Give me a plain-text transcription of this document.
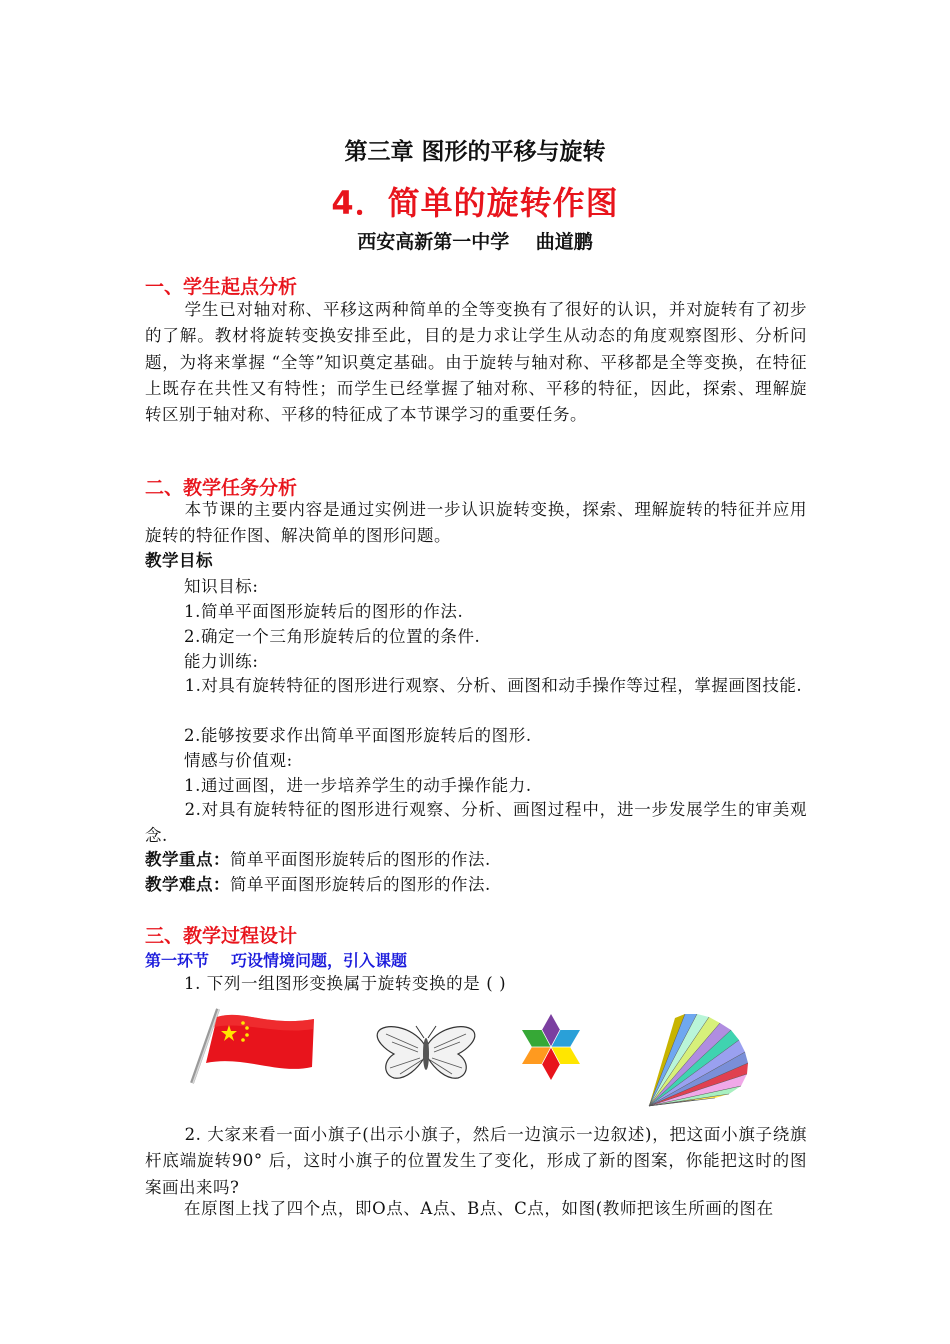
第三章 图形的平移与旋转
4．简单的旋转作图
西安高新第一中学 曲道鹏
一、学生起点分析
学生已对轴对称、平移这两种简单的全等变换有了很好的认识，并对旋转有了初步的了解。教材将旋转变换安排至此，目的是力求让学生从动态的角度观察图形、分析问题，为将来掌握 “全等”知识奠定基础。由于旋转与轴对称、平移都是全等变换，在特征上既存在共性又有特性；而学生已经掌握了轴对称、平移的特征，因此，探索、理解旋转区别于轴对称、平移的特征成了本节课学习的重要任务。
二、教学任务分析
本节课的主要内容是通过实例进一步认识旋转变换，探索、理解旋转的特征并应用旋转的特征作图、解决简单的图形问题。
教学目标
知识目标:
1.简单平面图形旋转后的图形的作法.
2.确定一个三角形旋转后的位置的条件.
能力训练:
1.对具有旋转特征的图形进行观察、分析、画图和动手操作等过程，掌握画图技能.
2.能够按要求作出简单平面图形旋转后的图形.
情感与价值观:
1.通过画图，进一步培养学生的动手操作能力.
2.对具有旋转特征的图形进行观察、分析、画图过程中，进一步发展学生的审美观念.
教学重点：简单平面图形旋转后的图形的作法.
教学难点：简单平面图形旋转后的图形的作法.
三、教学过程设计
第一环节 巧设情境问题，引入课题
1. 下列一组图形变换属于旋转变换的是 ( )
2. 大家来看一面小旗子(出示小旗子，然后一边演示一边叙述)，把这面小旗子绕旗杆底端旋转90° 后，这时小旗子的位置发生了变化，形成了新的图案，你能把这时的图案画出来吗?
在原图上找了四个点，即O点、A点、B点、C点，如图(教师把该生所画的图在
